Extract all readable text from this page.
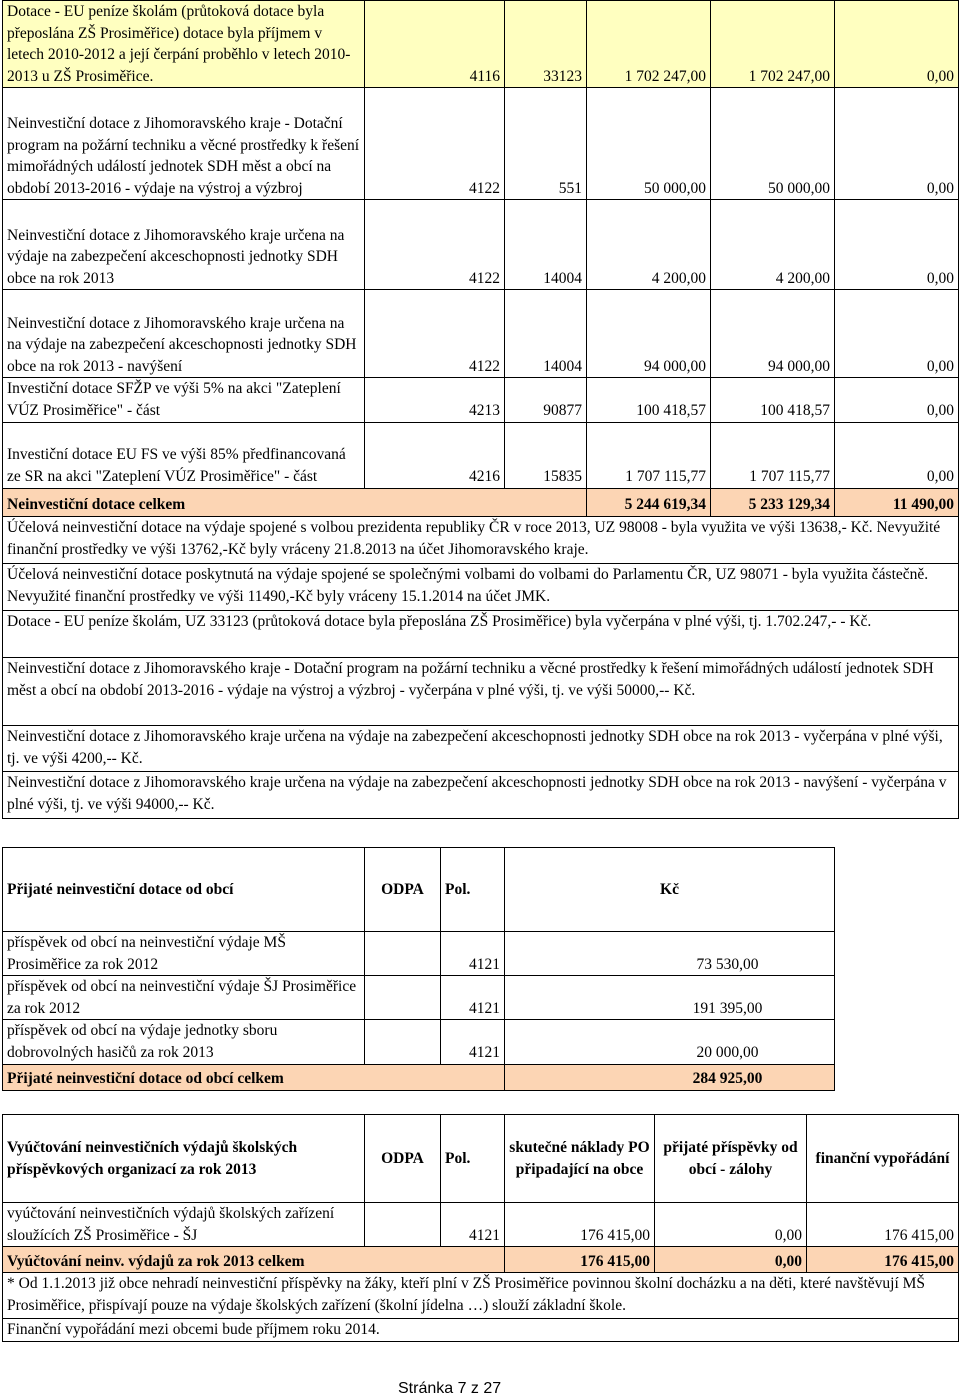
Dotace - EU peníze školám (průtoková dotace byla přeposlána ZŠ Prosiměřice) dotace byla příjmem v letech 2010-2012 a její čerpání proběhlo v letech 2010-2013 u ZŠ Prosiměřice.	4116	33123	1 702 247,00	1 702 247,00	0,00
Neinvestiční dotace z Jihomoravského kraje - Dotační program na požární techniku a věcné prostředky k řešení mimořádných událostí jednotek SDH měst a obcí na období 2013-2016 - výdaje na výstroj a výzbroj	4122	551	50 000,00	50 000,00	0,00
Neinvestiční dotace z Jihomoravského kraje určena na výdaje na zabezpečení akceschopnosti jednotky SDH obce na rok 2013	4122	14004	4 200,00	4 200,00	0,00
Neinvestiční dotace z Jihomoravského kraje určena na na výdaje na zabezpečení akceschopnosti jednotky SDH obce na rok 2013 - navýšení	4122	14004	94 000,00	94 000,00	0,00
Investiční dotace SFŽP ve výši 5% na akci "Zateplení VÚZ Prosiměřice" - část	4213	90877	100 418,57	100 418,57	0,00
Investiční dotace EU FS ve výši 85% předfinancovaná ze SR na akci "Zateplení VÚZ Prosiměřice" - část	4216	15835	1 707 115,77	1 707 115,77	0,00
Neinvestiční dotace celkem			5 244 619,34	5 233 129,34	11 490,00
Účelová neinvestiční dotace na výdaje spojené s volbou prezidenta republiky ČR v roce 2013, UZ 98008 - byla využita ve výši 13638,- Kč. Nevyužité finanční prostředky ve výši 13762,-Kč byly vráceny 21.8.2013 na účet Jihomoravského kraje.					
Účelová neinvestiční dotace poskytnutá na výdaje spojené se společnými volbami do volbami do Parlamentu ČR, UZ 98071 - byla využita částečně. Nevyužité finanční prostředky ve výši 11490,-Kč byly vráceny 15.1.2014 na účet JMK.					
Dotace - EU peníze školám, UZ 33123 (průtoková dotace byla přeposlána ZŠ Prosiměřice) byla vyčerpána v plné výši, tj. 1.702.247,- - Kč.					
Neinvestiční dotace z Jihomoravského kraje - Dotační program na požární techniku a věcné prostředky k řešení mimořádných událostí jednotek SDH měst a obcí na období 2013-2016 - výdaje na výstroj a výzbroj - vyčerpána v plné výši, tj. ve výši 50000,-- Kč.					
Neinvestiční dotace z Jihomoravského kraje určena na výdaje na zabezpečení akceschopnosti jednotky SDH obce na rok 2013 - vyčerpána v plné výši, tj. ve výši 4200,-- Kč.					
Neinvestiční dotace z Jihomoravského kraje určena na výdaje na zabezpečení akceschopnosti jednotky SDH obce na rok 2013 - navýšení - vyčerpána v plné výši, tj. ve výši 94000,-- Kč.					
Přijaté neinvestiční dotace od obcí	ODPA	Pol.	Kč
příspěvek od obcí na neinvestiční výdaje MŠ Prosiměřice za rok 2012		4121	73 530,00
příspěvek od obcí na neinvestiční výdaje ŠJ Prosiměřice za rok 2012		4121	191 395,00
příspěvek od obcí na výdaje jednotky sboru dobrovolných hasičů za rok 2013		4121	20 000,00
Přijaté neinvestiční dotace od obcí celkem			284 925,00
Vyúčtování neinvestičních výdajů školských příspěvkových organizací za rok 2013	ODPA	Pol.	skutečné náklady PO připadající na obce	přijaté příspěvky od obcí - zálohy	finanční vypořádání
vyúčtování neinvestičních výdajů školských zařízení sloužících ZŠ Prosiměřice - ŠJ		4121	176 415,00	0,00	176 415,00
Vyúčtování neinv. výdajů za rok 2013 celkem			176 415,00	0,00	176 415,00
* Od 1.1.2013 již obce nehradí neinvestiční příspěvky na žáky, kteří plní v ZŠ Prosiměřice povinnou školní docházku a na děti, které navštěvují MŠ Prosiměřice, přispívají pouze na výdaje školských zařízení (školní jídelna …) slouží základní škole.					
Finanční vypořádání mezi obcemi bude příjmem roku 2014.					
Stránka 7 z 27
